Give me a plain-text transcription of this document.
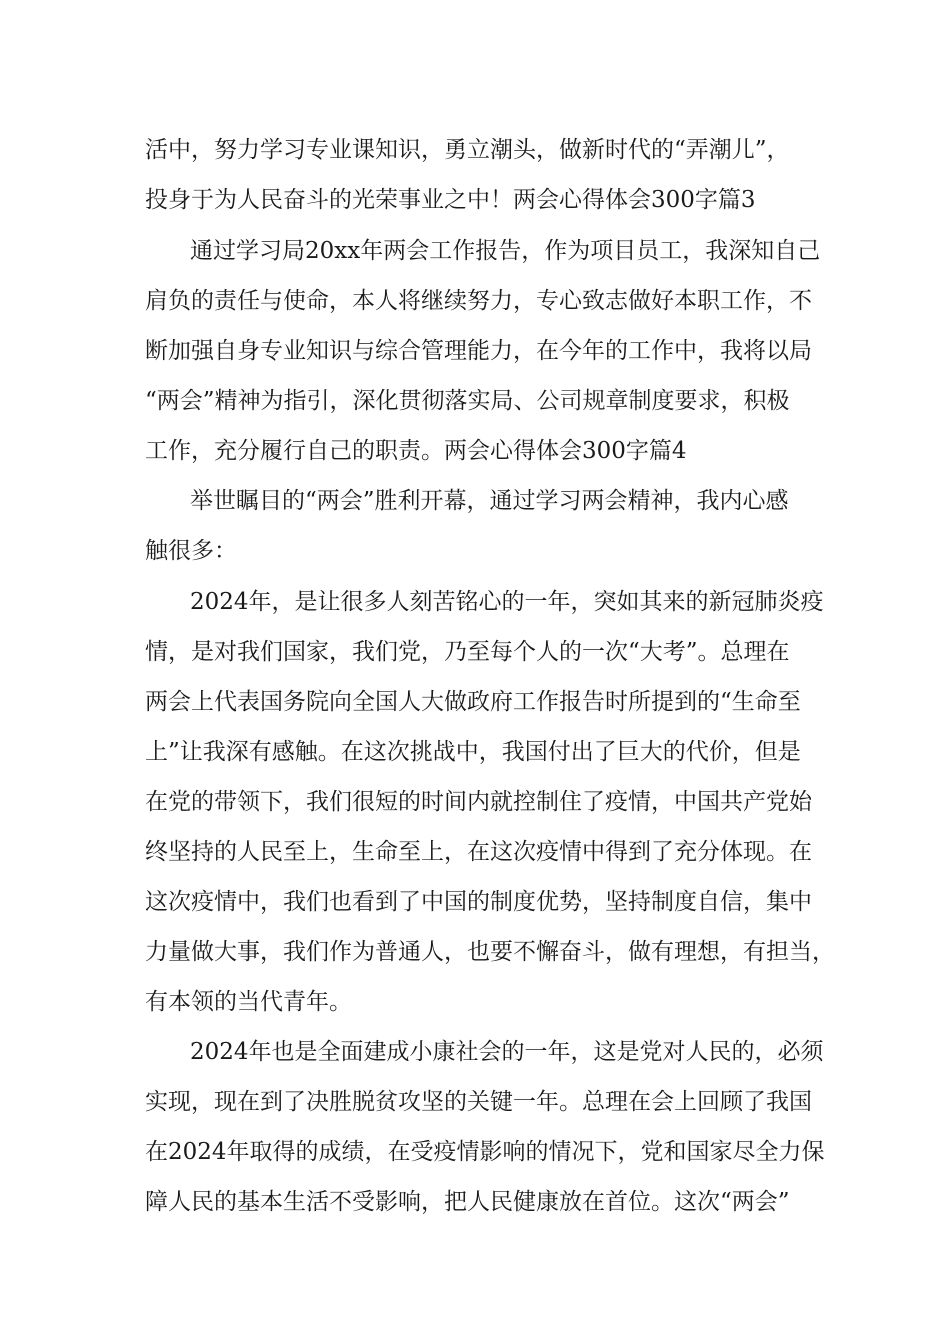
活中，努力学习专业课知识，勇立潮头，做新时代的“弄潮儿”，
投身于为人民奋斗的光荣事业之中！两会心得体会300字篇3
通过学习局20xx年两会工作报告，作为项目员工，我深知自己
肩负的责任与使命，本人将继续努力，专心致志做好本职工作，不
断加强自身专业知识与综合管理能力，在今年的工作中，我将以局
“两会”精神为指引，深化贯彻落实局、公司规章制度要求，积极
工作，充分履行自己的职责。两会心得体会300字篇4
举世瞩目的“两会”胜利开幕，通过学习两会精神，我内心感
触很多：
2024年，是让很多人刻苦铭心的一年，突如其来的新冠肺炎疫
情，是对我们国家，我们党，乃至每个人的一次“大考”。总理在
两会上代表国务院向全国人大做政府工作报告时所提到的“生命至
上”让我深有感触。在这次挑战中，我国付出了巨大的代价，但是
在党的带领下，我们很短的时间内就控制住了疫情，中国共产党始
终坚持的人民至上，生命至上，在这次疫情中得到了充分体现。在
这次疫情中，我们也看到了中国的制度优势，坚持制度自信，集中
力量做大事，我们作为普通人，也要不懈奋斗，做有理想，有担当，
有本领的当代青年。
2024年也是全面建成小康社会的一年，这是党对人民的，必须
实现，现在到了决胜脱贫攻坚的关键一年。总理在会上回顾了我国
在2024年取得的成绩，在受疫情影响的情况下，党和国家尽全力保
障人民的基本生活不受影响，把人民健康放在首位。这次“两会”
